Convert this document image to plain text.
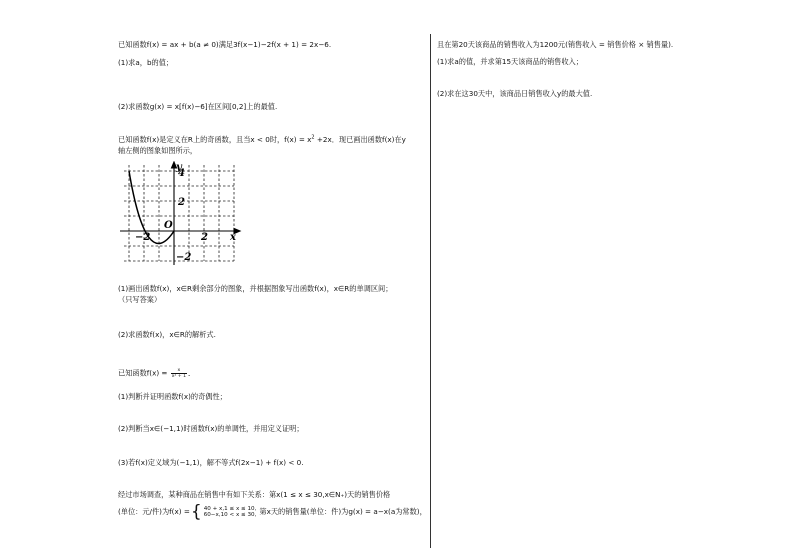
已知函数f(x) = ax + b(a ≠ 0)满足3f(x−1)−2f(x + 1) = 2x−6.
(1)求a，b的值；
(2)求函数g(x) = x[f(x)−6]在区间[0,2]上的最值.
已知函数f(x)是定义在R上的奇函数，且当x < 0时，$f(x) = x^2 +2x$．现已画出函数f(x)在y
轴左侧的图象如图所示，
y
x
O
4
2
−2	2
−2
(1)画出函数f(x)，x∈R剩余部分的图象，并根据图象写出函数f(x)，x∈R的单调区间；
（只写答案）
(2)求函数f(x)，x∈R的解析式.
已知函数$f(x) = \frac{x}{\text{x² + 1}}$ ．
(1)判断并证明函数f(x)的奇偶性；
(2)判断当x∈(−1,1)时函数f(x)的单调性，并用定义证明；
(3)若f(x)定义域为(−1,1)，解不等式f(2x−1) + f(x) < 0.
经过市场调查，某种商品在销售中有如下关系：第x(1 ≤ x ≤ 30,x∈N₊)天的销售价格
(单位：元/件)为f(x) ={ 40 + x,1 ≤ x ≤ 10,
60−x,10 < x ≤ 30, 第x天的销售量(单位：件)为g(x) = a−x(a为常数)，
且在第20天该商品的销售收入为1200元(销售收入 = 销售价格 × 销售量).
(1)求a的值，并求第15天该商品的销售收入；
(2)求在这30天中，该商品日销售收入y的最大值.
